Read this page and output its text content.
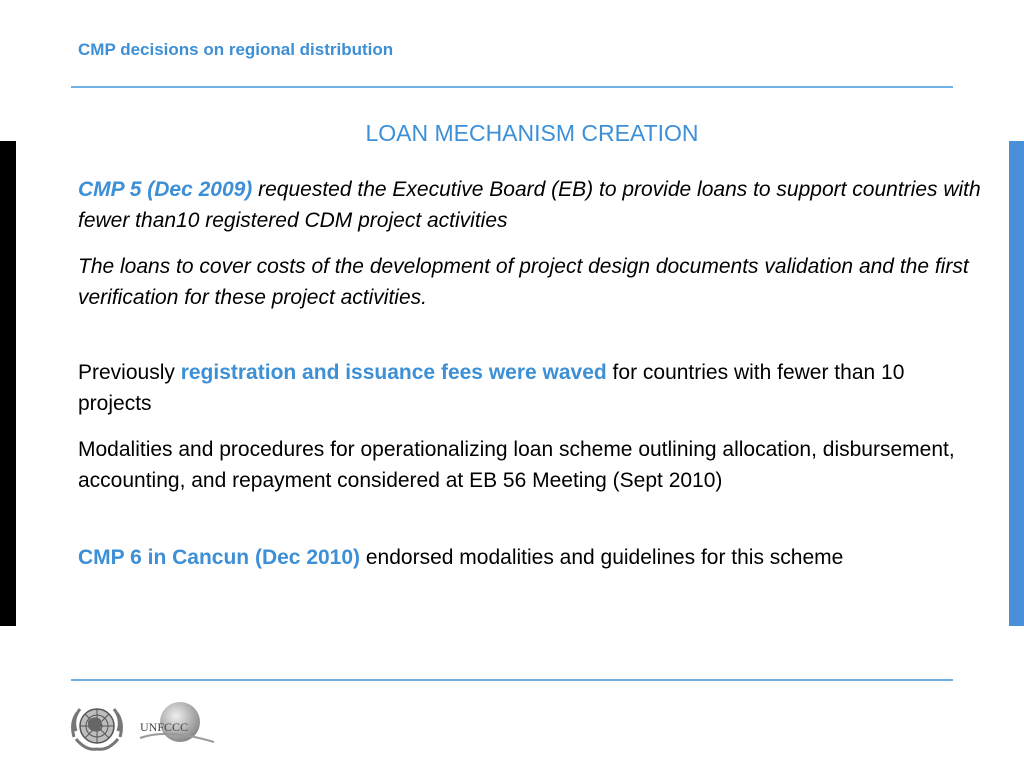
CMP decisions on regional distribution
LOAN MECHANISM CREATION

CMP 5 (Dec 2009) requested the Executive Board (EB) to provide loans to support countries with fewer than10 registered CDM project activities

The loans to cover costs of the development of project design documents validation and the first verification for these project activities.

Previously registration and issuance fees were waved for countries with fewer than 10 projects

Modalities and procedures for operationalizing loan scheme outlining allocation, disbursement, accounting, and repayment considered at EB 56 Meeting (Sept 2010)

CMP 6 in Cancun (Dec 2010) endorsed modalities and guidelines for this scheme

UNFCCC
